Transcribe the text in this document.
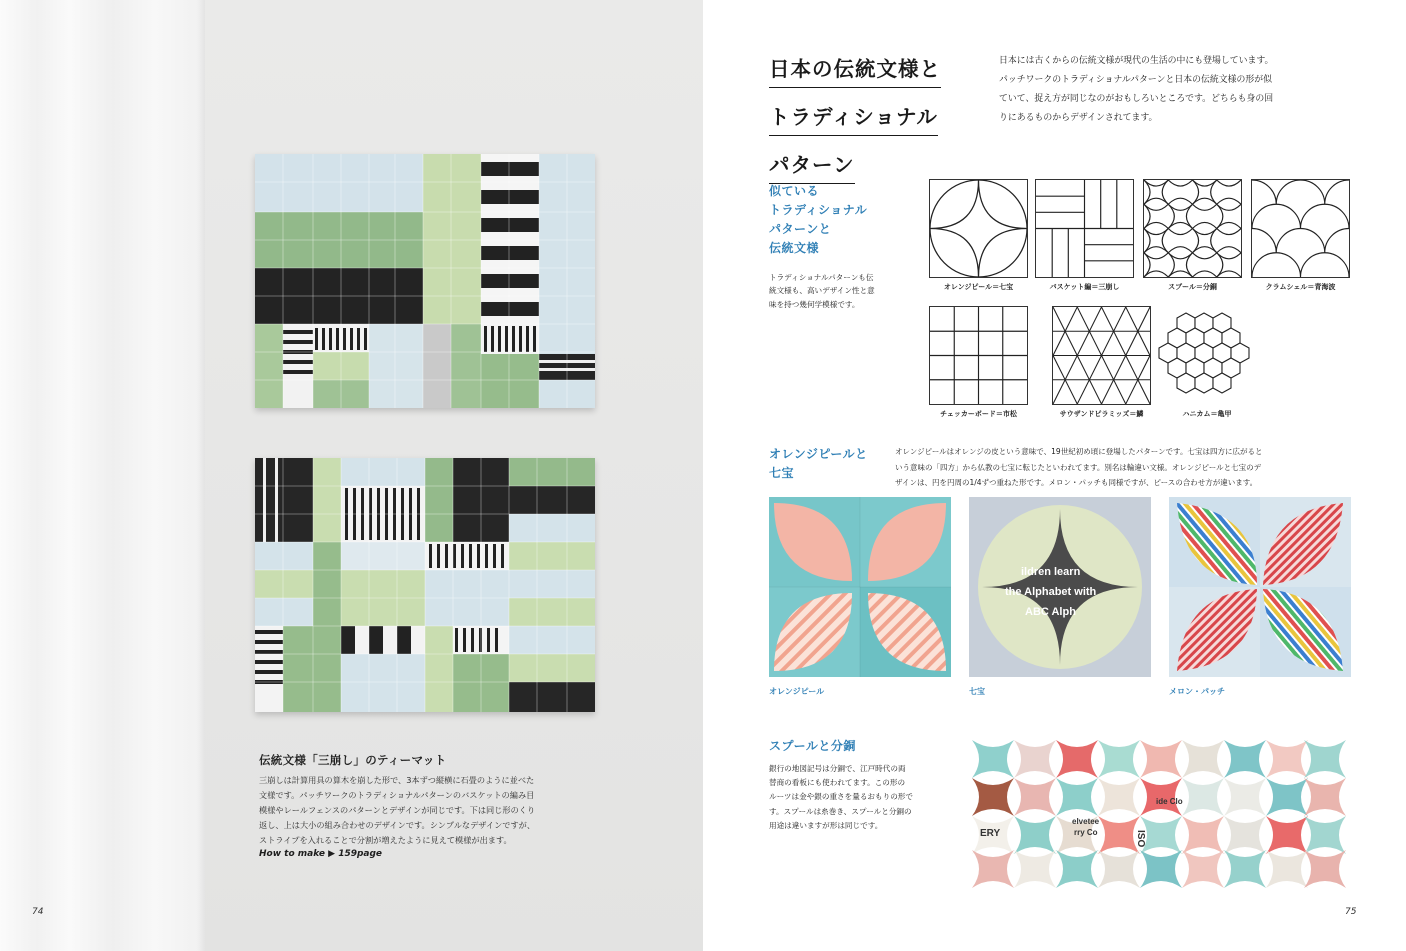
伝統文様「三崩し」のティーマット
三崩しは計算用具の算木を崩した形で、3本ずつ縦横に石畳のように並べた
文様です。パッチワークのトラディショナルパターンのバスケットの編み目
模様やレールフェンスのパターンとデザインが同じです。下は同じ形のくり
返し、上は大小の組み合わせのデザインです。シンプルなデザインですが、
ストライプを入れることで分割が増えたように見えて模様が出ます。
How to make ▶ 159page
74
日本の伝統文様と トラディショナル パターン
日本には古くからの伝統文様が現代の生活の中にも登場しています。
パッチワークのトラディショナルパターンと日本の伝統文様の形が似
ていて、捉え方が同じなのがおもしろいところです。どちらも身の回
りにあるものからデザインされてます。
似ている
トラディショナル
パターンと
伝統文様
トラディショナルパターンも伝
統文様も、高いデザイン性と意
味を持つ幾何学模様です。
オレンジピール＝七宝	バスケット編＝三崩し	スプール＝分銅	クラムシェル＝青海波
チェッカーボード＝市松	サウザンドピラミッズ＝鱗	ハニカム＝亀甲
オレンジピールと
七宝
オレンジピールはオレンジの皮という意味で、19世紀初め頃に登場したパターンです。七宝は四方に広がると
いう意味の「四方」から仏教の七宝に転じたといわれてます。別名は輪違い文様。オレンジピールと七宝のデ
ザインは、円を円周の1/4ずつ重ねた形です。メロン・パッチも同様ですが、ピースの合わせ方が違います。
オレンジピール
ildren learn
the Alphabet with
ABC Alph
七宝	メロン・パッチ
スプールと分銅
銀行の地図記号は分銅で、江戸時代の両
替商の看板にも使われてます。この形の
ルーツは金や銀の重さを量るおもりの形で
す。スプールは糸巻き、スプールと分銅の
用途は違いますが形は同じです。
ide Clo
elvetee
rry Co
ERY	ISO
75
